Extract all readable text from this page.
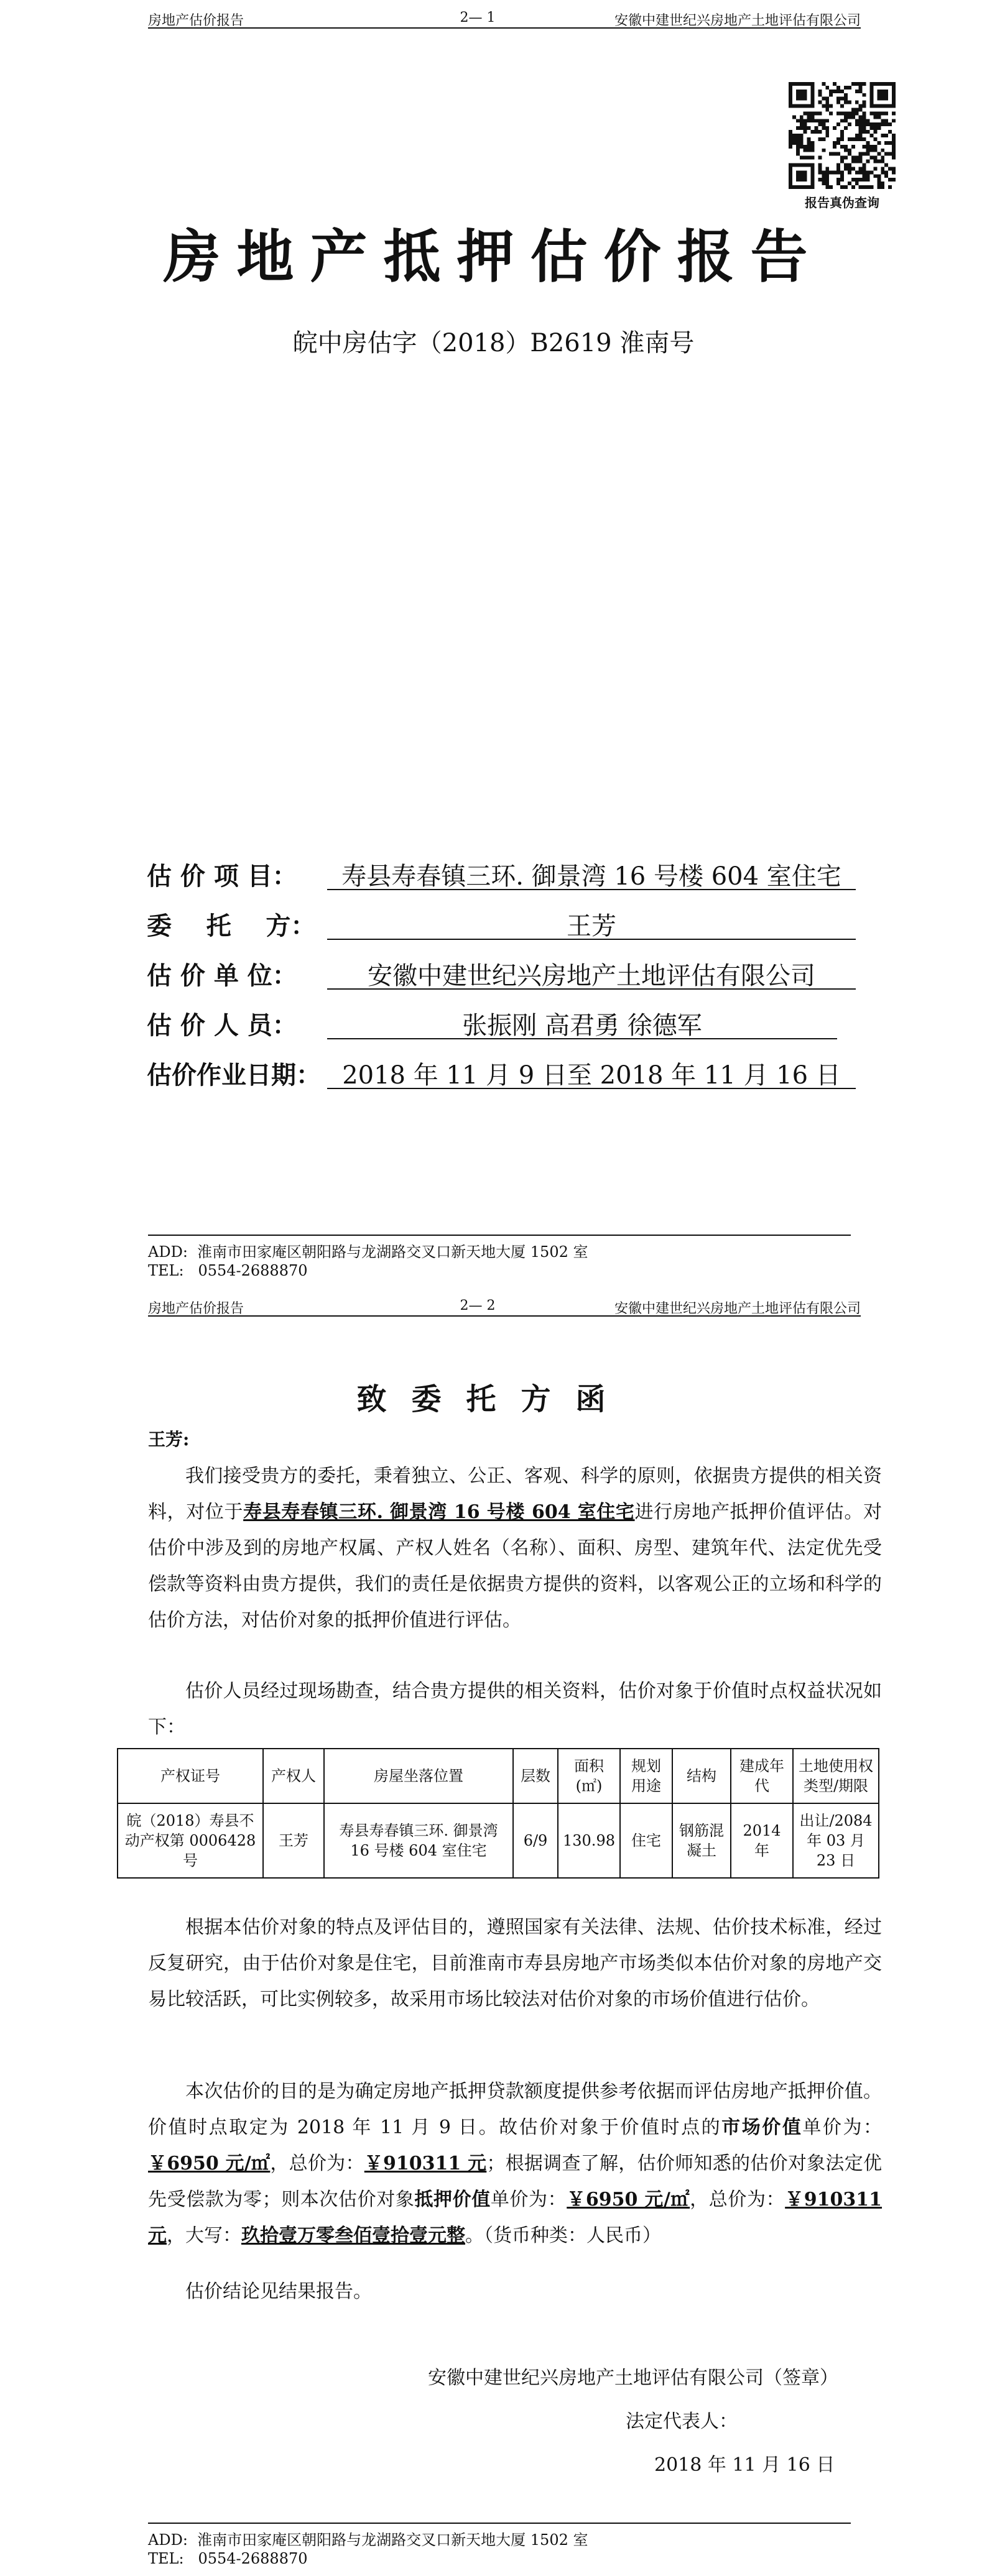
房地产估价报告	2— 1	安徽中建世纪兴房地产土地评估有限公司
报告真伪查询
房地产抵押估价报告
皖中房估字（2018）B2619 淮南号
估 价 项 目：	寿县寿春镇三环. 御景湾 16 号楼 604 室住宅
委    托    方：	王芳
估 价 单 位：	安徽中建世纪兴房地产土地评估有限公司
估 价 人 员：	张振刚 高君勇 徐德军
估价作业日期： 2018 年 11 月 9 日至 2018 年 11 月 16 日
ADD:  淮南市田家庵区朝阳路与龙湖路交叉口新天地大厦 1502 室
TEL:   0554-2688870
房地产估价报告	2— 2	安徽中建世纪兴房地产土地评估有限公司
致委托方函
王芳:
我们接受贵方的委托，秉着独立、公正、客观、科学的原则，依据贵方提供的相关资料，对位于寿县寿春镇三环. 御景湾 16 号楼 604 室住宅进行房地产抵押价值评估。对估价中涉及到的房地产权属、产权人姓名（名称）、面积、房型、建筑年代、法定优先受偿款等资料由贵方提供，我们的责任是依据贵方提供的资料，以客观公正的立场和科学的估价方法，对估价对象的抵押价值进行评估。
估价人员经过现场勘查，结合贵方提供的相关资料，估价对象于价值时点权益状况如下：
产权证号	产权人	房屋坐落位置	层数	面积(㎡)	规划用途	结构	建成年代	土地使用权类型/期限
皖（2018）寿县不动产权第 0006428 号	王芳	寿县寿春镇三环. 御景湾 16 号楼 604 室住宅	6/9	130.98	住宅	钢筋混凝土	2014 年	出让/2084 年 03 月 23 日
根据本估价对象的特点及评估目的，遵照国家有关法律、法规、估价技术标准，经过反复研究，由于估价对象是住宅，目前淮南市寿县房地产市场类似本估价对象的房地产交易比较活跃，可比实例较多，故采用市场比较法对估价对象的市场价值进行估价。
本次估价的目的是为确定房地产抵押贷款额度提供参考依据而评估房地产抵押价值。价值时点取定为 2018 年 11 月 9 日。故估价对象于价值时点的市场价值单价为：￥6950 元/㎡，总价为：￥910311 元；根据调查了解，估价师知悉的估价对象法定优先受偿款为零；则本次估价对象抵押价值单价为：￥6950 元/㎡，总价为：￥910311 元，大写：玖拾壹万零叁佰壹拾壹元整。（货币种类：人民币）
估价结论见结果报告。
安徽中建世纪兴房地产土地评估有限公司（签章）
法定代表人：
2018 年 11 月 16 日
ADD:  淮南市田家庵区朝阳路与龙湖路交叉口新天地大厦 1502 室
TEL:   0554-2688870
